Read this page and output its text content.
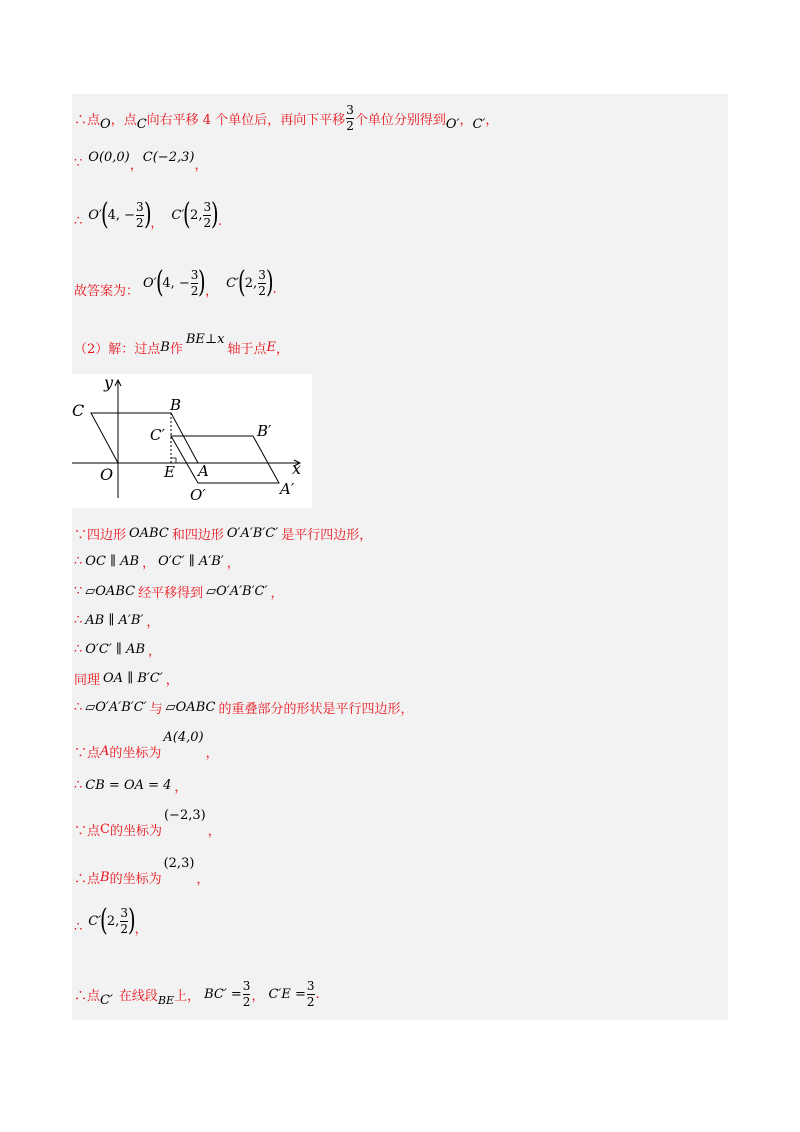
∴点 O ，点 C 向右平移 4 个单位后，再向下平移 $\frac{3}{2}$ 个单位分别得到 O′ ， C′ ，
∵ O(0,0)
，
C(−2,3)
，
∴ O′ ( 4, − $\frac{3}{2}$ ) ，
C′ ( 2, $\frac{3}{2}$ ) .
故答案为：
O′ ( 4, − $\frac{3}{2}$ ) ，
C′ ( 2, $\frac{3}{2}$ ) .
（2）解：过点 B 作
BE⊥x
轴于点 E ，
y
x
O
C	B
C′	B′
E A
O′	A′
∵四边形 OABC 和四边形 O′A′B′C′ 是平行四边形，
∴ OC ∥ AB ， O′C′ ∥ A′B′ ，
∵ ▱OABC 经平移得到 ▱O′A′B′C′ ，
∴ AB ∥ A′B′ ，
∴ O′C′ ∥ AB ，
同理 OA ∥ B′C′ ，
∴ ▱O′A′B′C′ 与 ▱OABC 的重叠部分的形状是平行四边形，
∵点 A 的坐标为
A(4,0)
，
∴ CB = OA = 4 ，
∵点 C 的坐标为
(−2,3)
，
∴点 B 的坐标为
(2,3)
，
∴ C′ ( 2, $\frac{3}{2}$ ) ，
∴点 C′ 在线段 BE 上， $BC' = \frac{3}{2}$ ， $C'E = \frac{3}{2}$ .
